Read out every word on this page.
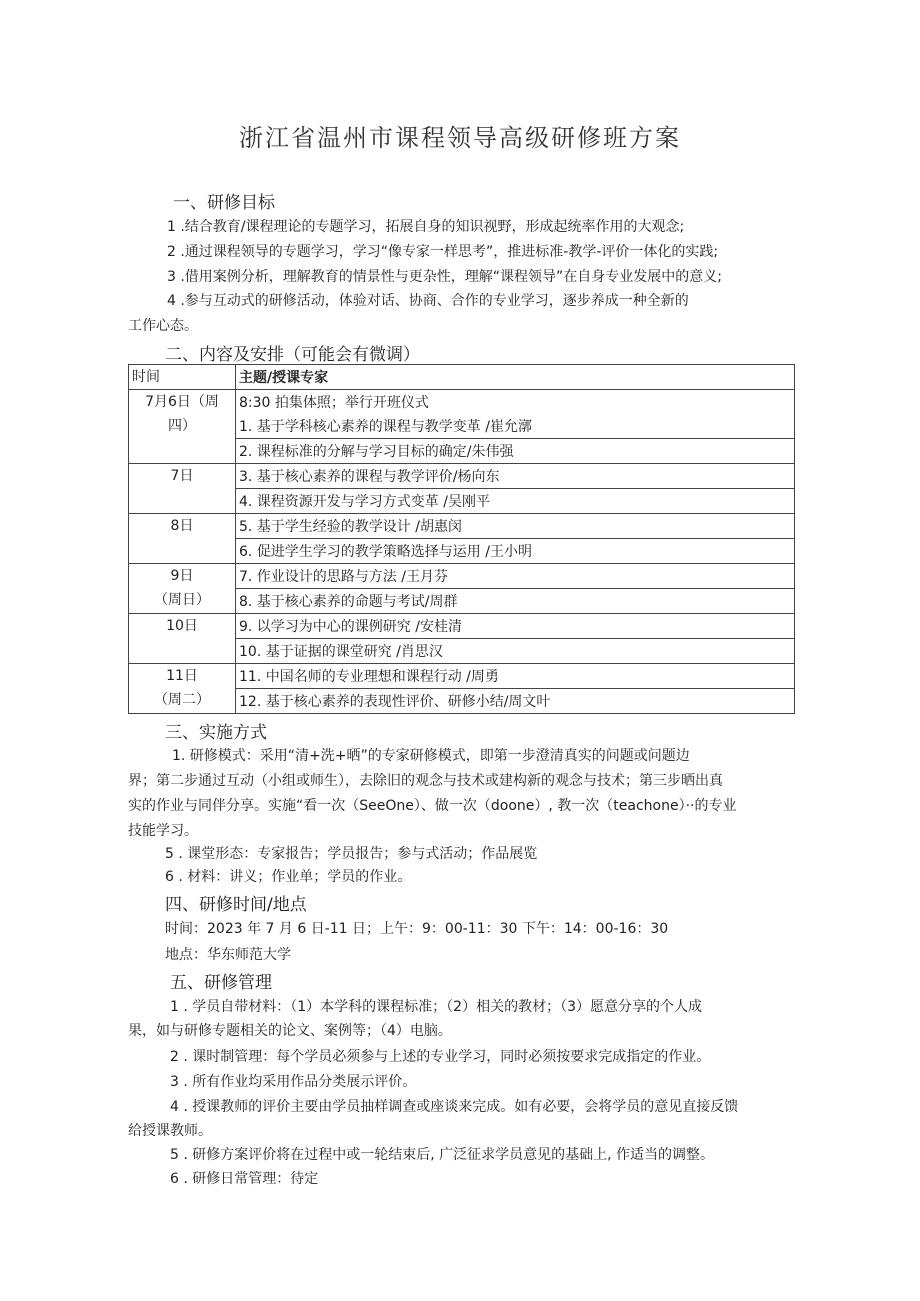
浙江省温州市课程领导高级研修班方案
一、研修目标
1 .结合教育/课程理论的专题学习，拓展自身的知识视野，形成起统率作用的大观念;
2 .通过课程领导的专题学习，学习“像专家一样思考”，推进标准-教学-评价一体化的实践;
3 .借用案例分析，理解教育的情景性与更杂性，理解“课程领导”在自身专业发展中的意义;
4 .参与互动式的研修活动，体验对话、协商、合作的专业学习，逐步养成一种全新的
工作心态。
二、内容及安排（可能会有微调）
时间	主题/授课专家

7月6日（周
四）	8:30 拍集体照；举行开班仪式
	1. 基于学科核心素养的课程与教学变革 /崔允漷
	2. 课程标准的分解与学习目标的确定/朱伟强

7日	3. 基于核心素养的课程与教学评价/杨向东
	4. 课程资源开发与学习方式变革 /吴刚平

8日	5. 基于学生经验的教学设计 /胡惠闵
	6. 促进学生学习的教学策略选择与运用 /王小明

9日
（周日）	7. 作业设计的思路与方法 /王月芬
	8. 基于核心素养的命题与考试/周群

10日	9. 以学习为中心的课例研究 /安桂清
	10. 基于证据的课堂研究 /肖思汉

11日
（周二）	11. 中国名师的专业理想和课程行动 /周勇
	12. 基于核心素养的表现性评价、研修小结/周文叶
三、实施方式
1. 研修模式：采用“清+洗+晒”的专家研修模式，即第一步澄清真实的问题或问题边
界；第二步通过互动（小组或师生），去除旧的观念与技术或建构新的观念与技术；第三步晒出真
实的作业与同伴分享。实施“看一次（SeeOne）、做一次（doone）, 教一次（teachone）··的专业
技能学习。
5 . 课堂形态：专家报告；学员报告；参与式活动；作品展览
6 . 材料：讲义；作业单；学员的作业。
四、研修时间/地点
时间：2023 年 7 月 6 日-11 日；上午：9：00-11：30 下午：14：00-16：30
地点：华东师范大学
五、研修管理
1 . 学员自带材料：（1）本学科的课程标准；（2）相关的教材；（3）愿意分享的个人成
果，如与研修专题相关的论文、案例等；（4）电脑。
2 . 课时制管理：每个学员必须参与上述的专业学习，同时必须按要求完成指定的作业。
3 . 所有作业均采用作品分类展示评价。
4 . 授课教师的评价主要由学员抽样调查或座谈来完成。如有必要，会将学员的意见直接反馈
给授课教师。
5 . 研修方案评价将在过程中或一轮结束后, 广泛征求学员意见的基础上, 作适当的调整。
6 . 研修日常管理：待定
